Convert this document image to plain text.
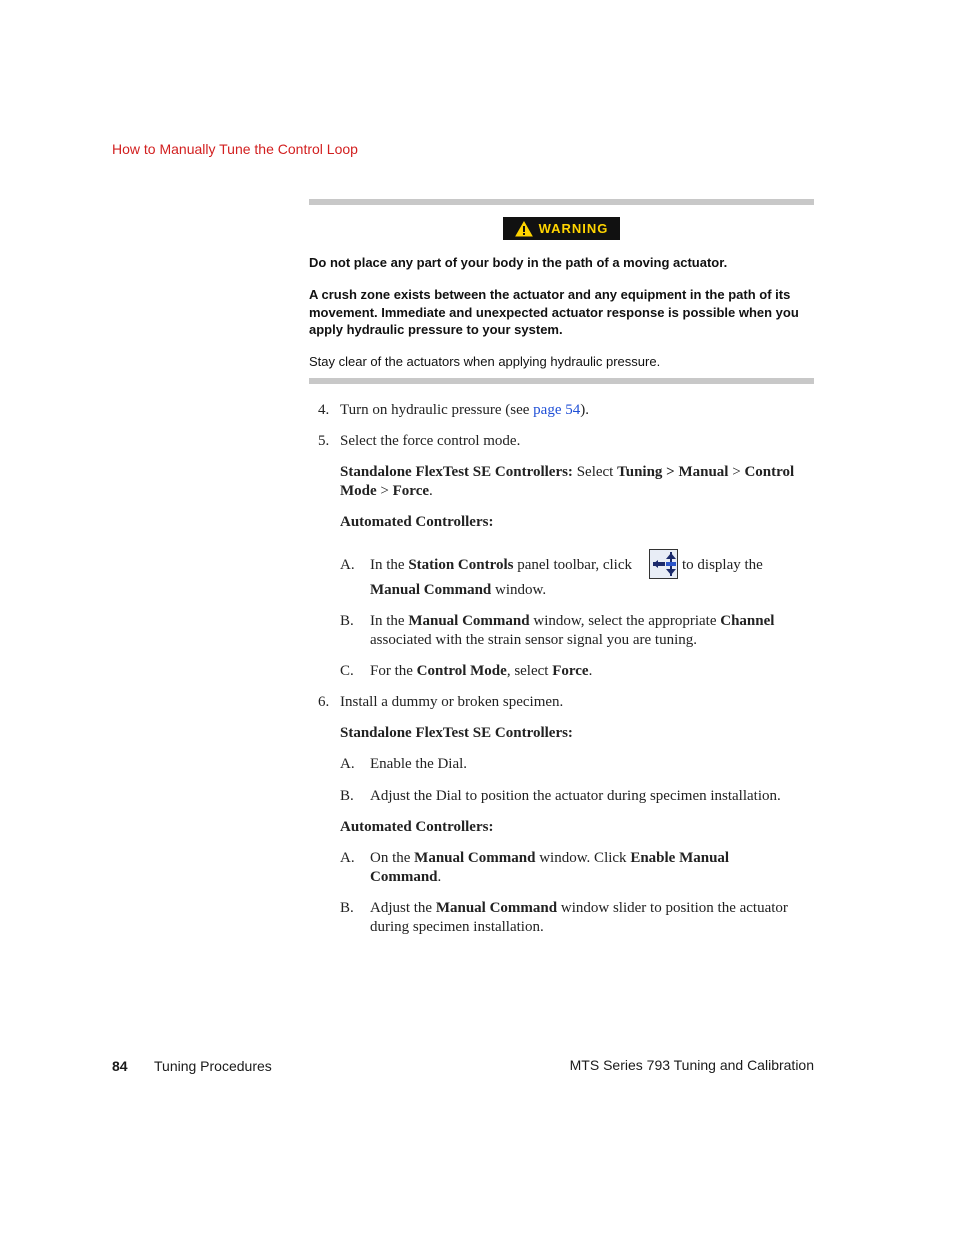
How to Manually Tune the Control Loop
WARNING
Do not place any part of your body in the path of a moving actuator.
A crush zone exists between the actuator and any equipment in the path of its movement. Immediate and unexpected actuator response is possible when you apply hydraulic pressure to your system.
Stay clear of the actuators when applying hydraulic pressure.
4. Turn on hydraulic pressure (see page 54).
5. Select the force control mode.
Standalone FlexTest SE Controllers: Select Tuning > Manual > Control Mode > Force.
Automated Controllers:
A.	In the Station Controls panel toolbar, click	to display the
Manual Command window.
B.	In the Manual Command window, select the appropriate Channel associated with the strain sensor signal you are tuning.
C.	For the Control Mode, select Force.
6. Install a dummy or broken specimen.
Standalone FlexTest SE Controllers:
A.	Enable the Dial.
B.	Adjust the Dial to position the actuator during specimen installation.
Automated Controllers:
A.	On the Manual Command window. Click Enable Manual Command.
B.	Adjust the Manual Command window slider to position the actuator during specimen installation.
84 Tuning Procedures	MTS Series 793 Tuning and Calibration
